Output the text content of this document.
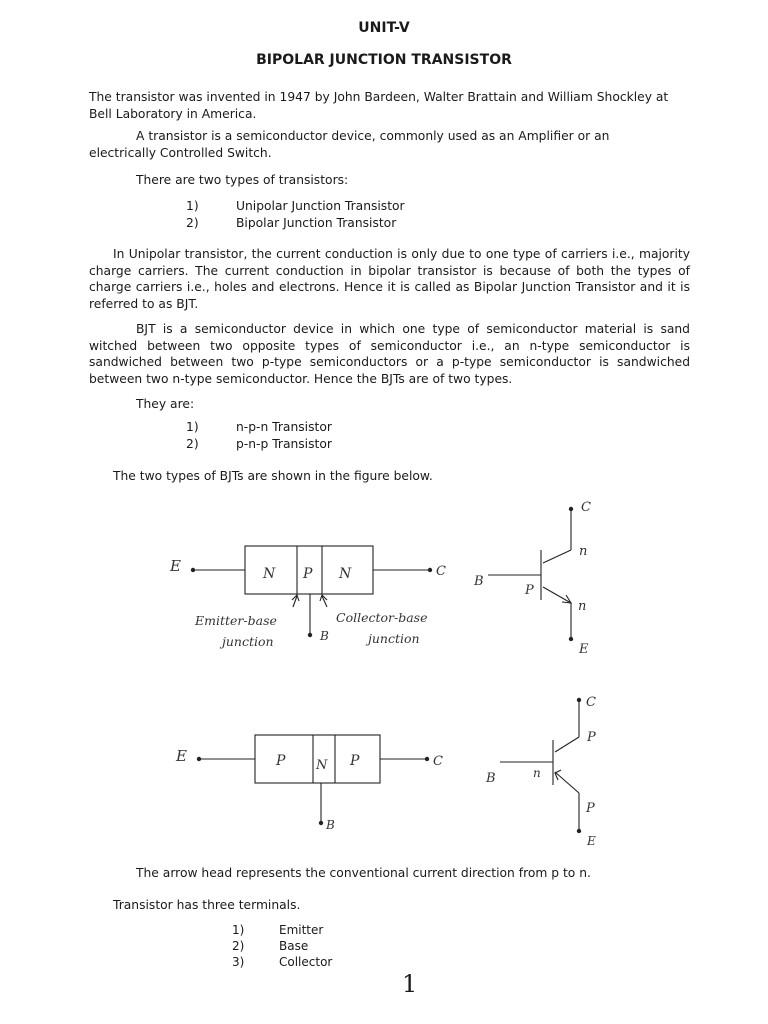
UNIT-V
BIPOLAR JUNCTION TRANSISTOR
The transistor was invented in 1947 by John Bardeen, Walter Brattain and William Shockley at Bell Laboratory in America.
A transistor is a semiconductor device, commonly used as an Amplifier or an electrically Controlled Switch.
There are two types of transistors:
1)	Unipolar Junction Transistor
2)	Bipolar Junction Transistor
In Unipolar transistor, the current conduction is only due to one type of carriers i.e., majority charge carriers. The current conduction in bipolar transistor is because of both the types of charge carriers i.e., holes and electrons. Hence it is called as Bipolar Junction Transistor and it is referred to as BJT.
BJT is a semiconductor device in which one type of semiconductor material is sand witched between two opposite types of semiconductor i.e., an n-type semiconductor is sandwiched between two p-type semiconductors or a p-type semiconductor is sandwiched between two n-type semiconductor. Hence the BJTs are of two types.
They are:
1)	n-p-n Transistor
2)	p-n-p Transistor
The two types of BJTs are shown in the figure below.
E	N P N	C
B
Emitter-base
junction
Collector-base
junction
C
n
B
P
n
E
E	P N P	C
B
C
P
B	n
P
E
The arrow head represents the conventional current direction from p to n.
Transistor has three terminals.
1)	Emitter
2)	Base
3)	Collector
1
